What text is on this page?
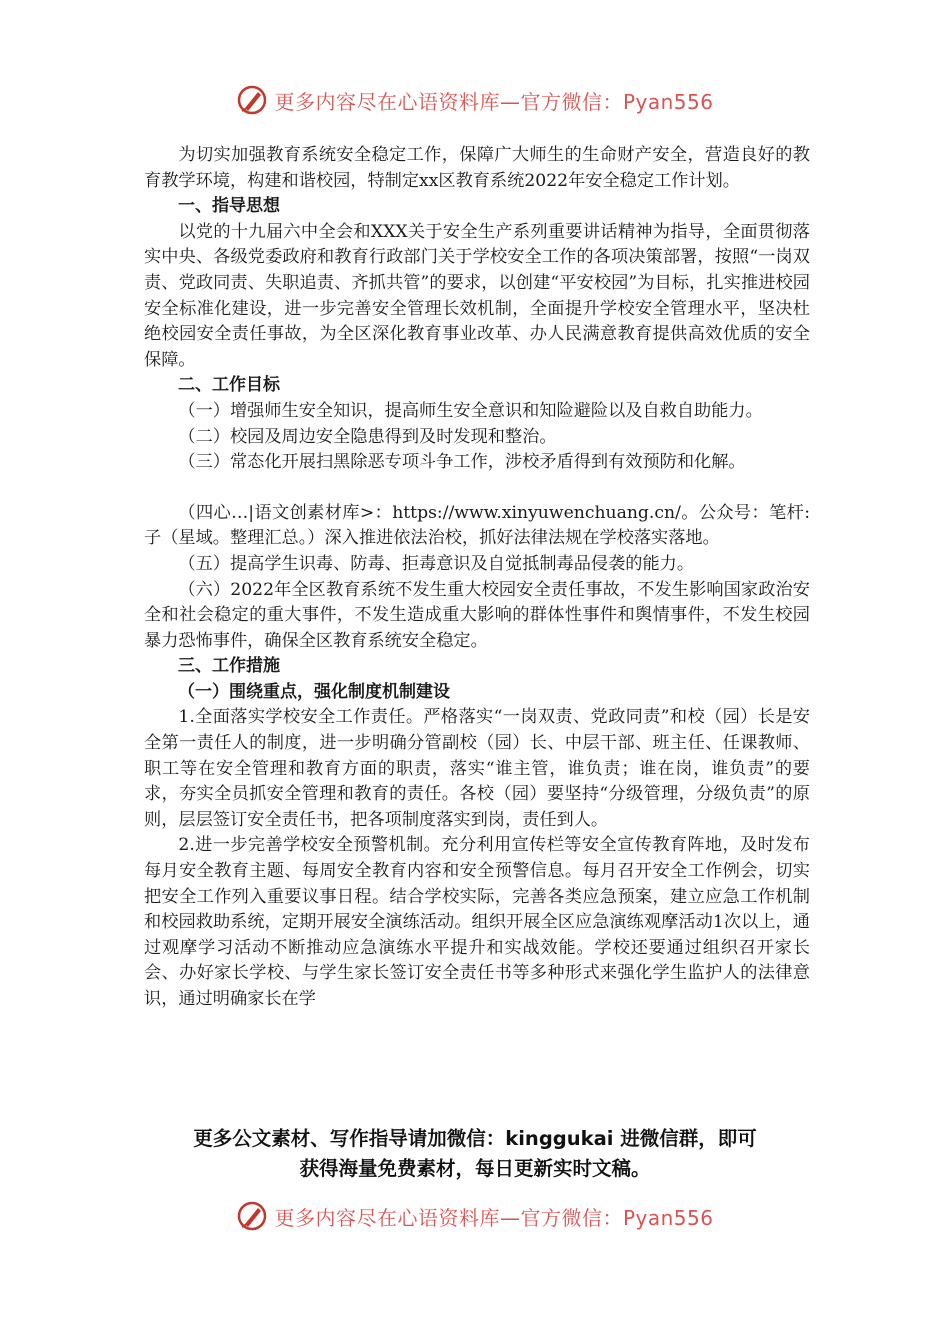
更多内容尽在心语资料库—官方微信：Pyan556

为切实加强教育系统安全稳定工作，保障广大师生的生命财产安全，营造良好的教育教学环境，构建和谐校园，特制定xx区教育系统2022年安全稳定工作计划。

一、指导思想

以党的十九届六中全会和XXX关于安全生产系列重要讲话精神为指导，全面贯彻落实中央、各级党委政府和教育行政部门关于学校安全工作的各项决策部署，按照“一岗双责、党政同责、失职追责、齐抓共管”的要求，以创建“平安校园”为目标，扎实推进校园安全标准化建设，进一步完善安全管理长效机制，全面提升学校安全管理水平，坚决杜绝校园安全责任事故，为全区深化教育事业改革、办人民满意教育提供高效优质的安全保障。

二、工作目标

（一）增强师生安全知识，提高师生安全意识和知险避险以及自救自助能力。

（二）校园及周边安全隐患得到及时发现和整治。

（三）常态化开展扫黑除恶专项斗争工作，涉校矛盾得到有效预防和化解。

（四心…|语文创素材库>：https://www.xinyuwenchuang.cn/。公众号：笔杆:子（星域。整理汇总。）深入推进依法治校，抓好法律法规在学校落实落地。

（五）提高学生识毒、防毒、拒毒意识及自觉抵制毒品侵袭的能力。

（六）2022年全区教育系统不发生重大校园安全责任事故，不发生影响国家政治安全和社会稳定的重大事件，不发生造成重大影响的群体性事件和舆情事件，不发生校园暴力恐怖事件，确保全区教育系统安全稳定。

三、工作措施

（一）围绕重点，强化制度机制建设

1.全面落实学校安全工作责任。严格落实“一岗双责、党政同责”和校（园）长是安全第一责任人的制度，进一步明确分管副校（园）长、中层干部、班主任、任课教师、职工等在安全管理和教育方面的职责，落实“谁主管，谁负责；谁在岗，谁负责”的要求，夯实全员抓安全管理和教育的责任。各校（园）要坚持“分级管理，分级负责”的原则，层层签订安全责任书，把各项制度落实到岗，责任到人。

2.进一步完善学校安全预警机制。充分利用宣传栏等安全宣传教育阵地，及时发布每月安全教育主题、每周安全教育内容和安全预警信息。每月召开安全工作例会，切实把安全工作列入重要议事日程。结合学校实际，完善各类应急预案，建立应急工作机制和校园救助系统，定期开展安全演练活动。组织开展全区应急演练观摩活动1次以上，通过观摩学习活动不断推动应急演练水平提升和实战效能。学校还要通过组织召开家长会、办好家长学校、与学生家长签订安全责任书等多种形式来强化学生监护人的法律意识，通过明确家长在学

更多公文素材、写作指导请加微信：kinggukai 进微信群，即可
获得海量免费素材，每日更新实时文稿。
更多内容尽在心语资料库—官方微信：Pyan556
